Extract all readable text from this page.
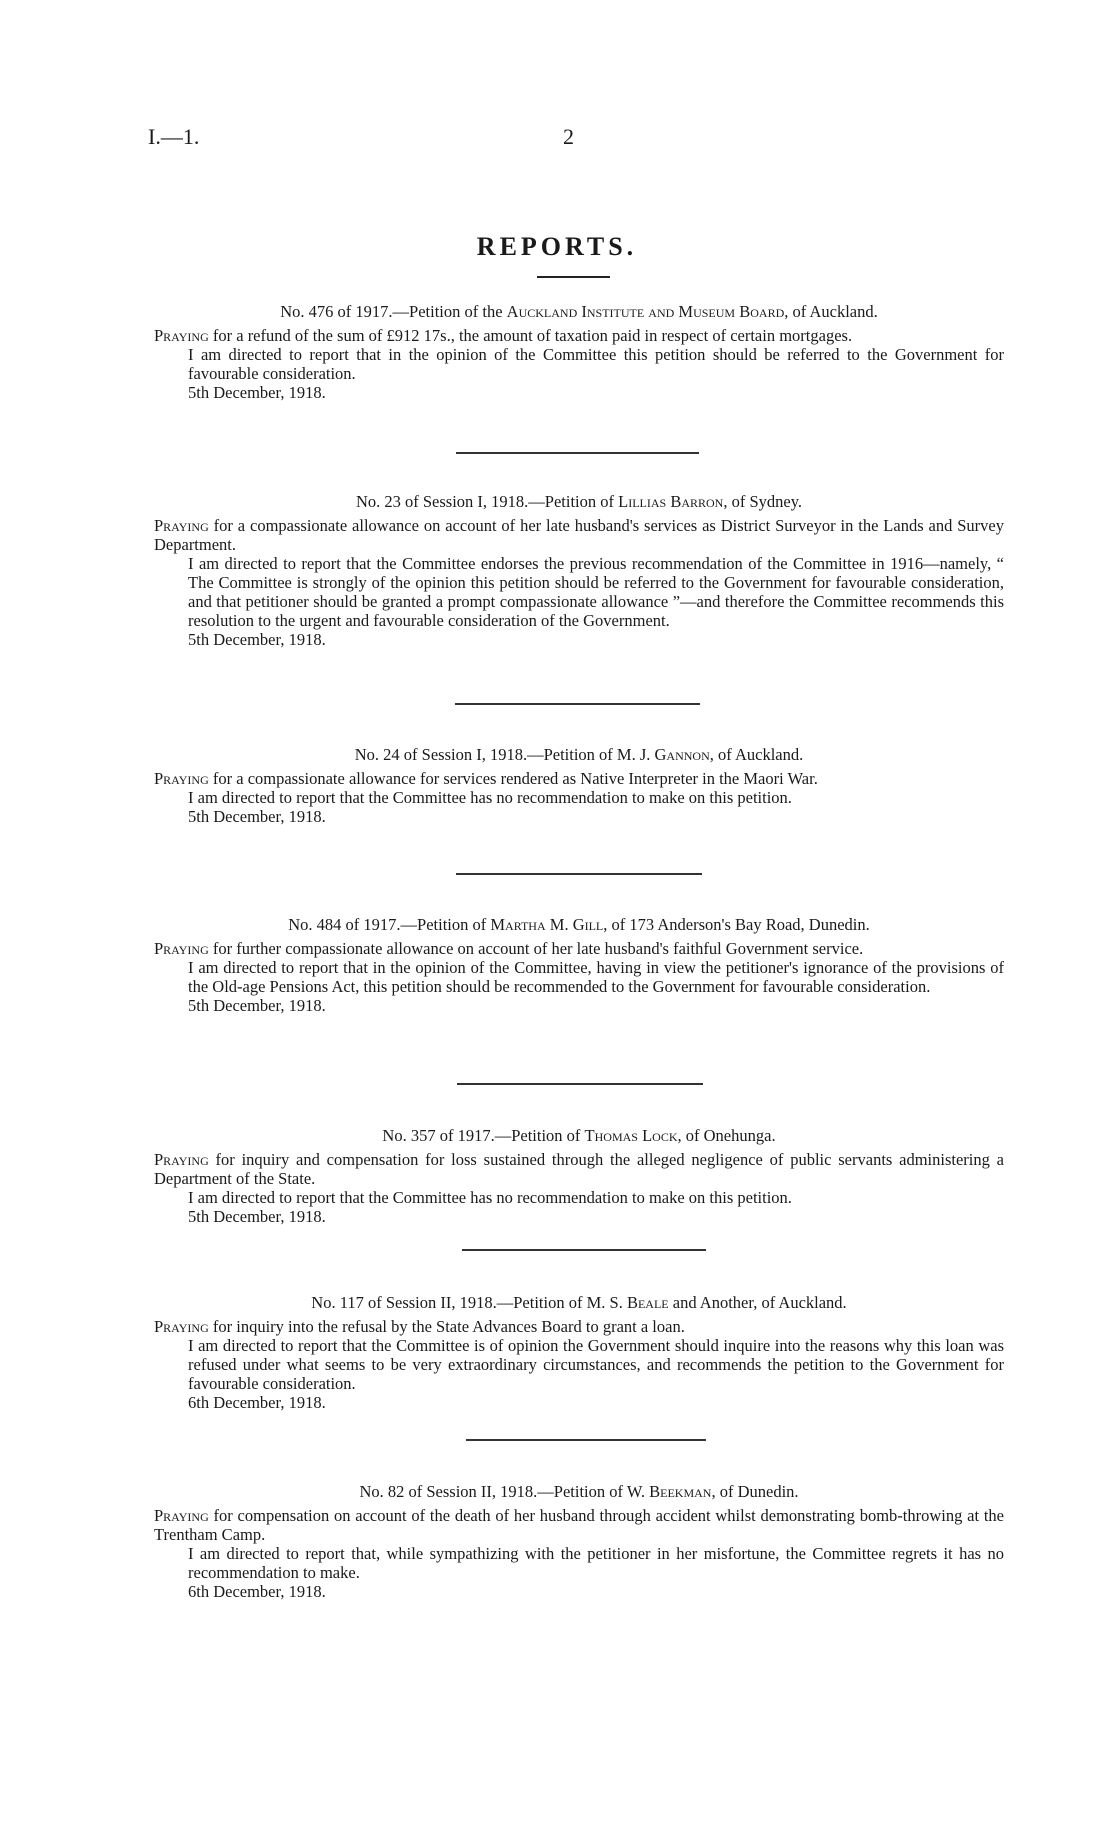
I.—1.	2
REPORTS.
No. 476 of 1917.—Petition of the Auckland Institute and Museum Board, of Auckland.
Praying for a refund of the sum of £912 17s., the amount of taxation paid in respect of certain mortgages.
I am directed to report that in the opinion of the Committee this petition should be referred to the Government for favourable consideration.
5th December, 1918.
No. 23 of Session I, 1918.—Petition of Lillias Barron, of Sydney.
Praying for a compassionate allowance on account of her late husband's services as District Surveyor in the Lands and Survey Department.
I am directed to report that the Committee endorses the previous recommendation of the Committee in 1916—namely, “ The Committee is strongly of the opinion this petition should be referred to the Government for favourable consideration, and that petitioner should be granted a prompt compassionate allowance ”—and therefore the Committee recommends this resolution to the urgent and favourable consideration of the Government.
5th December, 1918.
No. 24 of Session I, 1918.—Petition of M. J. Gannon, of Auckland.
Praying for a compassionate allowance for services rendered as Native Interpreter in the Maori War.
I am directed to report that the Committee has no recommendation to make on this petition.
5th December, 1918.
No. 484 of 1917.—Petition of Martha M. Gill, of 173 Anderson's Bay Road, Dunedin.
Praying for further compassionate allowance on account of her late husband's faithful Government service.
I am directed to report that in the opinion of the Committee, having in view the petitioner's ignorance of the provisions of the Old-age Pensions Act, this petition should be recommended to the Government for favourable consideration.
5th December, 1918.
No. 357 of 1917.—Petition of Thomas Lock, of Onehunga.
Praying for inquiry and compensation for loss sustained through the alleged negligence of public servants administering a Department of the State.
I am directed to report that the Committee has no recommendation to make on this petition.
5th December, 1918.
No. 117 of Session II, 1918.—Petition of M. S. Beale and Another, of Auckland.
Praying for inquiry into the refusal by the State Advances Board to grant a loan.
I am directed to report that the Committee is of opinion the Government should inquire into the reasons why this loan was refused under what seems to be very extraordinary circumstances, and recommends the petition to the Government for favourable consideration.
6th December, 1918.
No. 82 of Session II, 1918.—Petition of W. Beekman, of Dunedin.
Praying for compensation on account of the death of her husband through accident whilst demonstrating bomb-throwing at the Trentham Camp.
I am directed to report that, while sympathizing with the petitioner in her misfortune, the Committee regrets it has no recommendation to make.
6th December, 1918.
